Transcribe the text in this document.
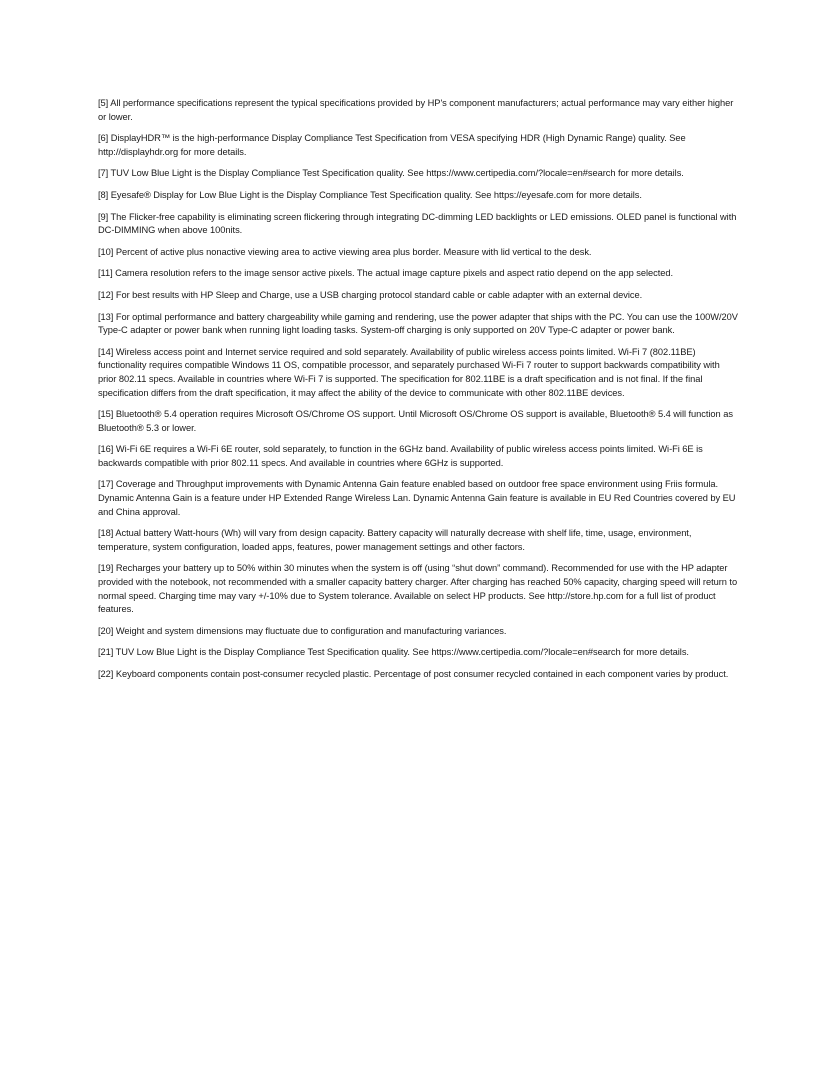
[5] All performance specifications represent the typical specifications provided by HP's component manufacturers; actual performance may vary either higher or lower.

[6] DisplayHDR™ is the high-performance Display Compliance Test Specification from VESA specifying HDR (High Dynamic Range) quality. See http://displayhdr.org for more details.

[7] TUV Low Blue Light is the Display Compliance Test Specification quality. See https://www.certipedia.com/?locale=en#search for more details.

[8] Eyesafe® Display for Low Blue Light is the Display Compliance Test Specification quality. See https://eyesafe.com for more details.

[9] The Flicker-free capability is eliminating screen flickering through integrating DC-dimming LED backlights or LED emissions. OLED panel is functional with DC-DIMMING when above 100nits.

[10] Percent of active plus nonactive viewing area to active viewing area plus border. Measure with lid vertical to the desk.

[11] Camera resolution refers to the image sensor active pixels. The actual image capture pixels and aspect ratio depend on the app selected.

[12] For best results with HP Sleep and Charge, use a USB charging protocol standard cable or cable adapter with an external device.

[13] For optimal performance and battery chargeability while gaming and rendering, use the power adapter that ships with the PC. You can use the 100W/20V Type-C adapter or power bank when running light loading tasks. System-off charging is only supported on 20V Type-C adapter or power bank.

[14] Wireless access point and Internet service required and sold separately. Availability of public wireless access points limited. Wi-Fi 7 (802.11BE) functionality requires compatible Windows 11 OS, compatible processor, and separately purchased Wi-Fi 7 router to support backwards compatibility with prior 802.11 specs. Available in countries where Wi-Fi 7 is supported. The specification for 802.11BE is a draft specification and is not final. If the final specification differs from the draft specification, it may affect the ability of the device to communicate with other 802.11BE devices.

[15] Bluetooth® 5.4 operation requires Microsoft OS/Chrome OS support. Until Microsoft OS/Chrome OS support is available, Bluetooth® 5.4 will function as Bluetooth® 5.3 or lower.

[16] Wi-Fi 6E requires a Wi-Fi 6E router, sold separately, to function in the 6GHz band. Availability of public wireless access points limited. Wi-Fi 6E is backwards compatible with prior 802.11 specs. And available in countries where 6GHz is supported.

[17] Coverage and Throughput improvements with Dynamic Antenna Gain feature enabled based on outdoor free space environment using Friis formula. Dynamic Antenna Gain is a feature under HP Extended Range Wireless Lan. Dynamic Antenna Gain feature is available in EU Red Countries covered by EU and China approval.

[18] Actual battery Watt-hours (Wh) will vary from design capacity. Battery capacity will naturally decrease with shelf life, time, usage, environment, temperature, system configuration, loaded apps, features, power management settings and other factors.

[19] Recharges your battery up to 50% within 30 minutes when the system is off (using “shut down” command). Recommended for use with the HP adapter provided with the notebook, not recommended with a smaller capacity battery charger. After charging has reached 50% capacity, charging speed will return to normal speed. Charging time may vary +/-10% due to System tolerance. Available on select HP products. See http://store.hp.com for a full list of product features.

[20] Weight and system dimensions may fluctuate due to configuration and manufacturing variances.

[21] TUV Low Blue Light is the Display Compliance Test Specification quality. See https://www.certipedia.com/?locale=en#search for more details.

[22] Keyboard components contain post-consumer recycled plastic. Percentage of post consumer recycled contained in each component varies by product.
